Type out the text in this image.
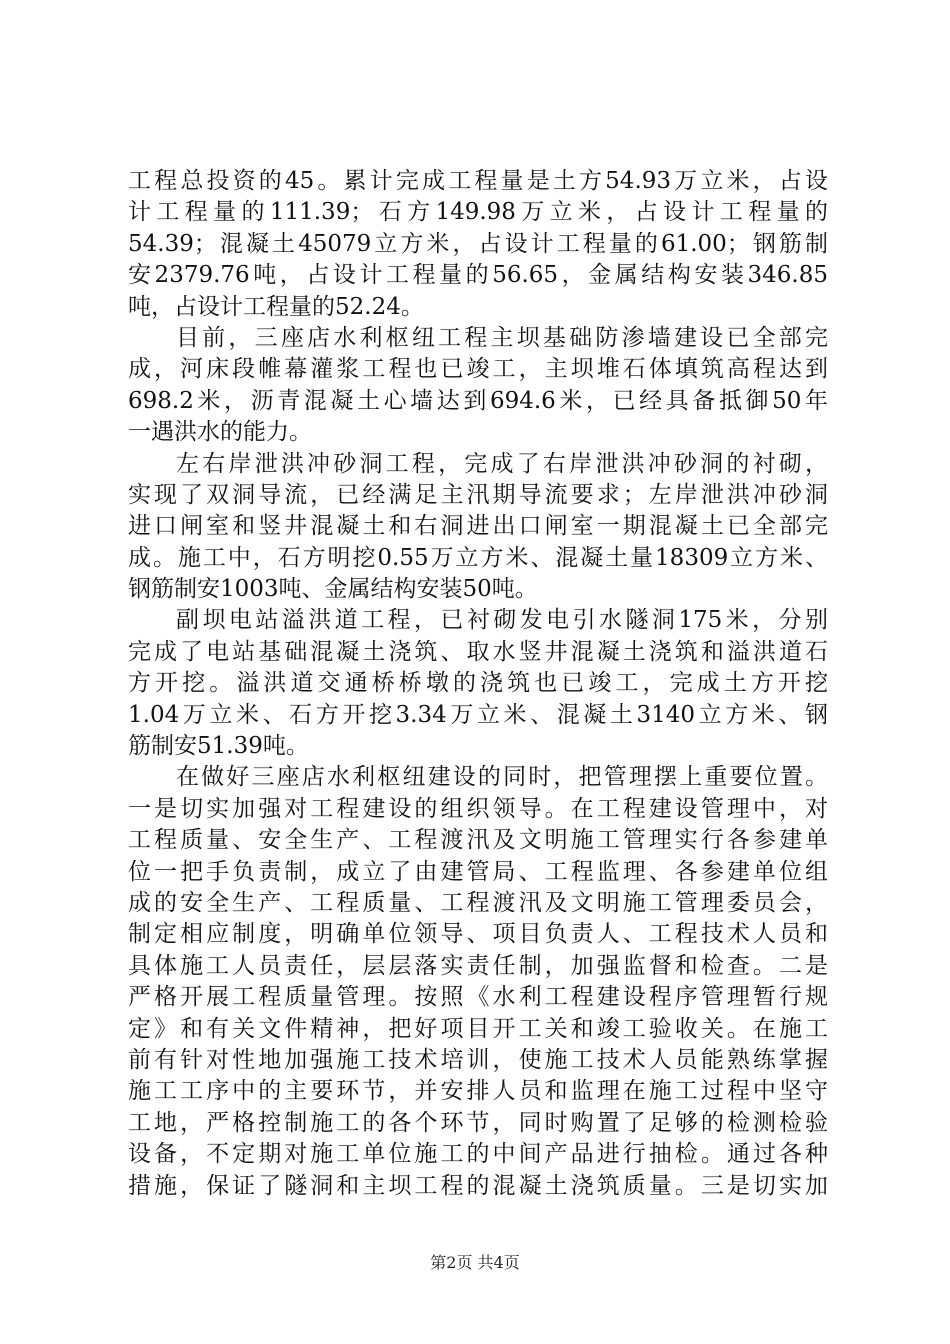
工程总投资的45。累计完成工程量是土方54.93万立米，占设
计工程量的111.39；石方149.98万立米，占设计工程量的
54.39；混凝土45079立方米，占设计工程量的61.00；钢筋制
安2379.76吨，占设计工程量的56.65，金属结构安装346.85
吨，占设计工程量的52.24。
目前，三座店水利枢纽工程主坝基础防渗墙建设已全部完
成，河床段帷幕灌浆工程也已竣工，主坝堆石体填筑高程达到
698.2米，沥青混凝土心墙达到694.6米，已经具备抵御50年
一遇洪水的能力。
左右岸泄洪冲砂洞工程，完成了右岸泄洪冲砂洞的衬砌，
实现了双洞导流，已经满足主汛期导流要求；左岸泄洪冲砂洞
进口闸室和竖井混凝土和右洞进出口闸室一期混凝土已全部完
成。施工中，石方明挖0.55万立方米、混凝土量18309立方米、
钢筋制安1003吨、金属结构安装50吨。
副坝电站溢洪道工程，已衬砌发电引水隧洞175米，分别
完成了电站基础混凝土浇筑、取水竖井混凝土浇筑和溢洪道石
方开挖。溢洪道交通桥桥墩的浇筑也已竣工，完成土方开挖
1.04万立米、石方开挖3.34万立米、混凝土3140立方米、钢
筋制安51.39吨。
在做好三座店水利枢纽建设的同时，把管理摆上重要位置。
一是切实加强对工程建设的组织领导。在工程建设管理中，对
工程质量、安全生产、工程渡汛及文明施工管理实行各参建单
位一把手负责制，成立了由建管局、工程监理、各参建单位组
成的安全生产、工程质量、工程渡汛及文明施工管理委员会，
制定相应制度，明确单位领导、项目负责人、工程技术人员和
具体施工人员责任，层层落实责任制，加强监督和检查。二是
严格开展工程质量管理。按照《水利工程建设程序管理暂行规
定》和有关文件精神，把好项目开工关和竣工验收关。在施工
前有针对性地加强施工技术培训，使施工技术人员能熟练掌握
施工工序中的主要环节，并安排人员和监理在施工过程中坚守
工地，严格控制施工的各个环节，同时购置了足够的检测检验
设备，不定期对施工单位施工的中间产品进行抽检。通过各种
措施，保证了隧洞和主坝工程的混凝土浇筑质量。三是切实加
第2页 共4页
